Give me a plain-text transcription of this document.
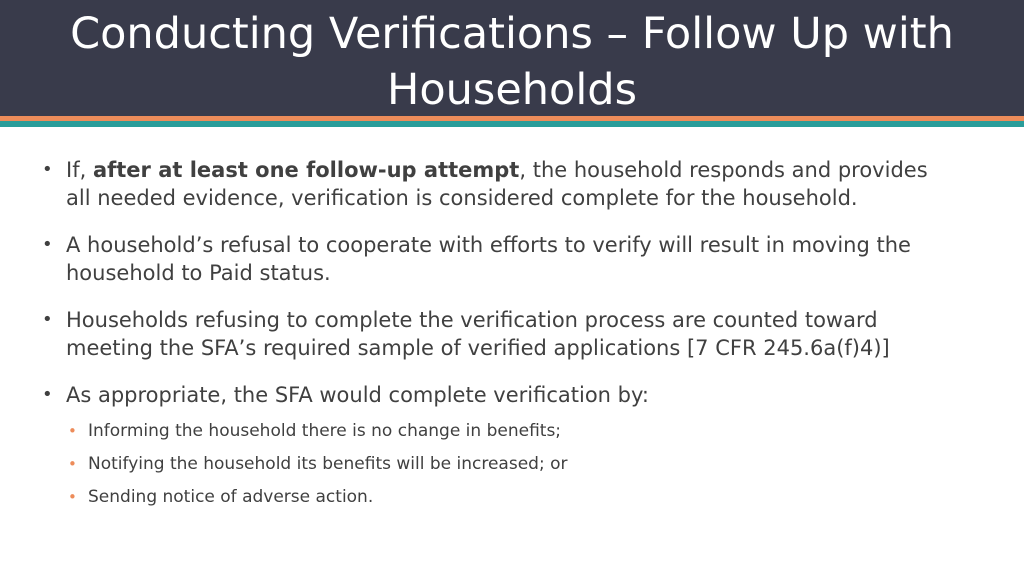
Conducting Verifications – Follow Up with Households
• If, after at least one follow-up attempt, the household responds and provides all needed evidence, verification is considered complete for the household.
• A household’s refusal to cooperate with efforts to verify will result in moving the household to Paid status.
• Households refusing to complete the verification process are counted toward meeting the SFA’s required sample of verified applications [7 CFR 245.6a(f)4)]
• As appropriate, the SFA would complete verification by:
• Informing the household there is no change in benefits;
• Notifying the household its benefits will be increased; or
• Sending notice of adverse action.
